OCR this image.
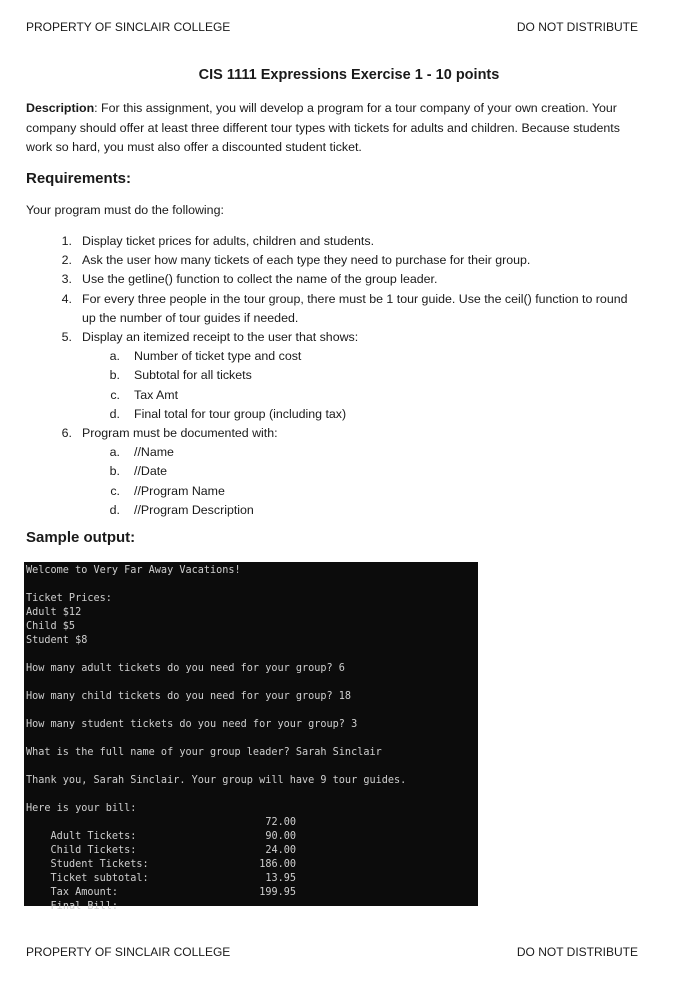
PROPERTY OF SINCLAIR COLLEGE	DO NOT DISTRIBUTE
CIS 1111 Expressions Exercise 1 - 10 points
Description: For this assignment, you will develop a program for a tour company of your own creation. Your company should offer at least three different tour types with tickets for adults and children. Because students work so hard, you must also offer a discounted student ticket.
Requirements:
Your program must do the following:
1. Display ticket prices for adults, children and students.
2. Ask the user how many tickets of each type they need to purchase for their group.
3. Use the getline() function to collect the name of the group leader.
4. For every three people in the tour group, there must be 1 tour guide. Use the ceil() function to round up the number of tour guides if needed.
5. Display an itemized receipt to the user that shows:
a.	Number of ticket type and cost
b.	Subtotal for all tickets
c.	Tax Amt
d.	Final total for tour group (including tax)
6. Program must be documented with:
a.	//Name
b.	//Date
c.	//Program Name
d.	//Program Description
Sample output:
Welcome to Very Far Away Vacations!
Ticket Prices:
Adult $12
Child $5
Student $8
How many adult tickets do you need for your group? 6
How many child tickets do you need for your group? 18
How many student tickets do you need for your group? 3
What is the full name of your group leader? Sarah Sinclair
Thank you, Sarah Sinclair. Your group will have 9 tour guides.
Here is your bill:

Adult Tickets:

72.00

Child Tickets:

90.00

Student Tickets:

24.00

Ticket subtotal:

186.00

Tax Amount:

13.95

Final Bill:

199.95

PROPERTY OF SINCLAIR COLLEGE	DO NOT DISTRIBUTE
